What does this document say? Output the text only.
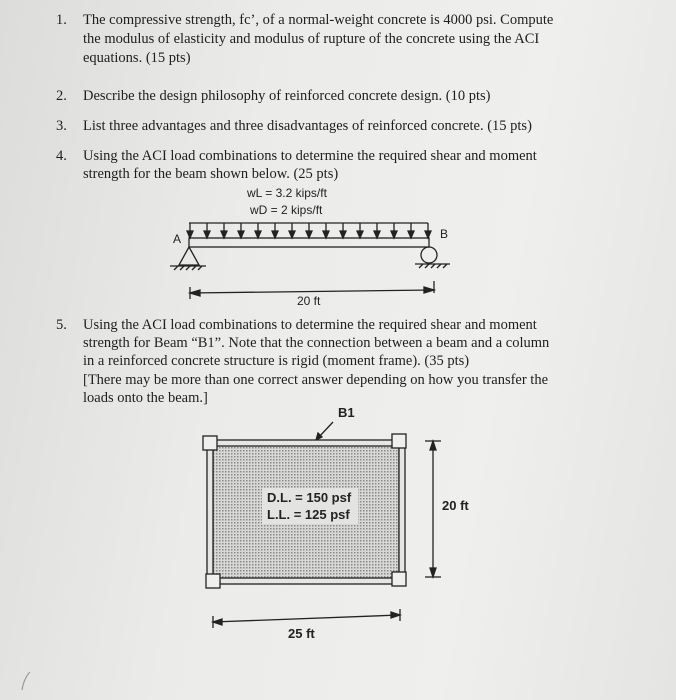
1. The compressive strength, fc’, of a normal-weight concrete is 4000 psi. Compute
the modulus of elasticity and modulus of rupture of the concrete using the ACI
equations. (15 pts)
2. Describe the design philosophy of reinforced concrete design. (10 pts)
3. List three advantages and three disadvantages of reinforced concrete. (15 pts)
4. Using the ACI load combinations to determine the required shear and moment
strength for the beam shown below. (25 pts)
5. Using the ACI load combinations to determine the required shear and moment
strength for Beam “B1”. Note that the connection between a beam and a column
in a reinforced concrete structure is rigid (moment frame). (35 pts)
[There may be more than one correct answer depending on how you transfer the
loads onto the beam.]
wL = 3.2 kips/ft
wD = 2 kips/ft
A	B
20 ft
B1
D.L. = 150 psf
L.L. = 125 psf
20 ft
25 ft
